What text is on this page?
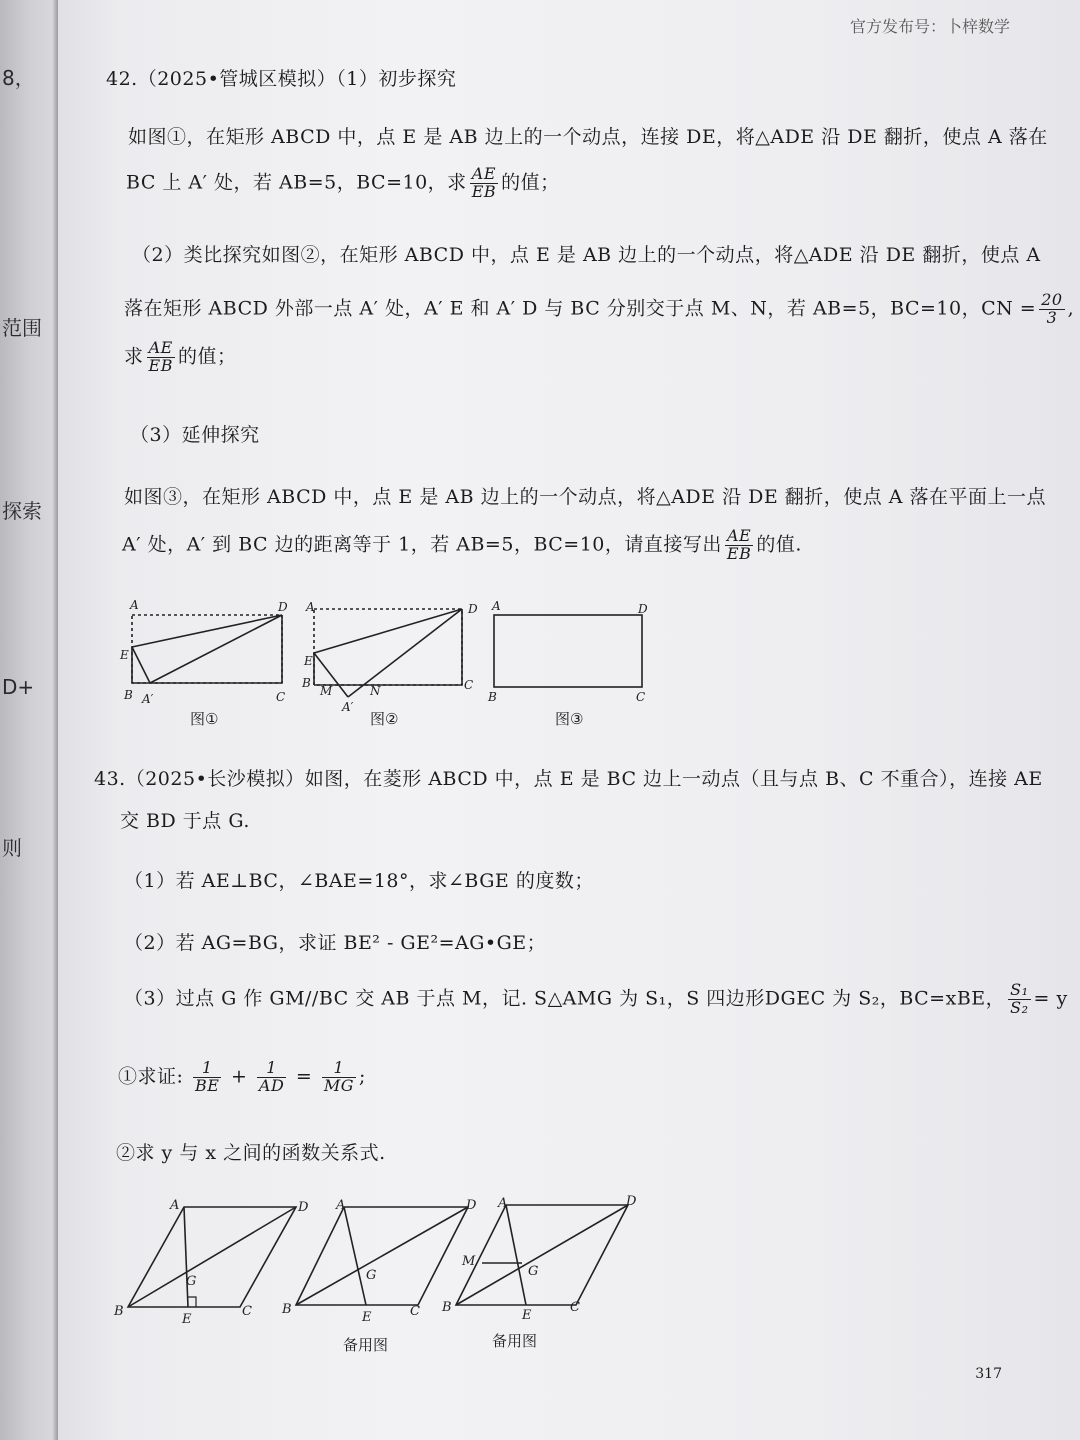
8，
范围
探索
D+
则
官方发布号：卜梓数学
42.（2025•管城区模拟）（1）初步探究
如图①，在矩形 ABCD 中，点 E 是 AB 边上的一个动点，连接 DE，将△ADE 沿 DE 翻折，使点 A 落在
BC 上 A′ 处，若 AB=5，BC=10，求 $\frac{AE}{EB}$ 的值；
（2）类比探究如图②，在矩形 ABCD 中，点 E 是 AB 边上的一个动点，将△ADE 沿 DE 翻折，使点 A
落在矩形 ABCD 外部一点 A′ 处，A′ E 和 A′ D 与 BC 分别交于点 M、N，若 AB=5，BC=10，CN = $\frac{20}{3}$ ,
求 $\frac{AE}{EB}$ 的值；
（3）延伸探究
如图③，在矩形 ABCD 中，点 E 是 AB 边上的一个动点，将△ADE 沿 DE 翻折，使点 A 落在平面上一点
A′ 处，A′ 到 BC 边的距离等于 1，若 AB=5，BC=10，请直接写出 $\frac{AE}{EB}$ 的值.
A	D
E
B A′	C
A	D
E
B
M	N	C
A′
A	D
B	C
图①	图②	图③
43.（2025•长沙模拟）如图，在菱形 ABCD 中，点 E 是 BC 边上一动点（且与点 B、C 不重合），连接 AE
交 BD 于点 G.
（1）若 AE⊥BC，∠BAE=18°，求∠BGE 的度数；
（2）若 AG=BG，求证 BE² - GE²=AG•GE；
（3）过点 G 作 GM//BC 交 AB 于点 M，记. S△AMG 为 S₁，S 四边形DGEC 为 S₂，BC=xBE， $\frac{\text{S₁}}{\text{S₂}} = y$
①求证: $\frac{1}{BE} + \frac{1}{AD} = \frac{1}{MG}$ ;
②求 y 与 x 之间的函数关系式.
A	D
B
E
C
G
A	D
B
E	C
G
A	D
B
E
C
G
M
备用图	备用图
317
